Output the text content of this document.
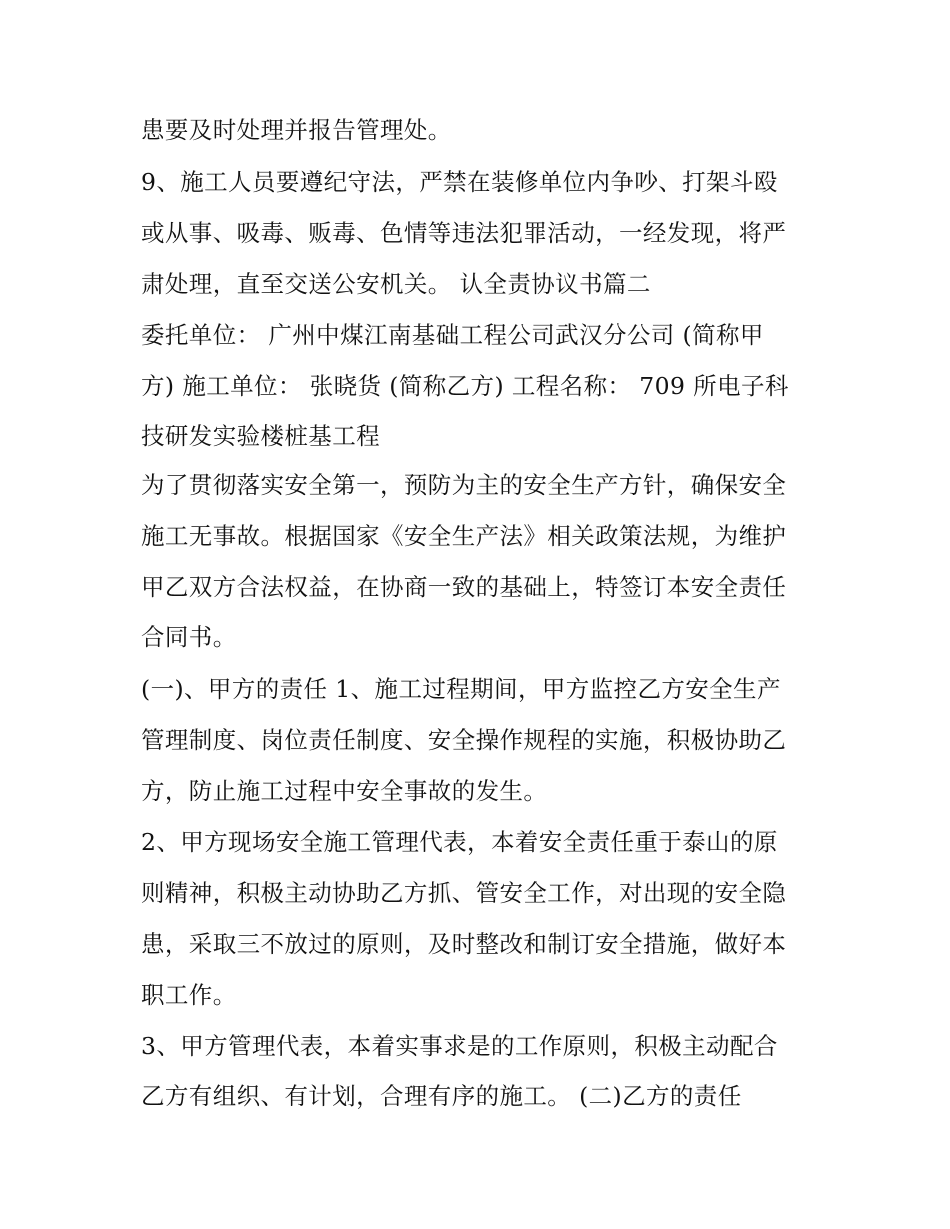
患要及时处理并报告管理处。

9、施工人员要遵纪守法，严禁在装修单位内争吵、打架斗殴

或从事、吸毒、贩毒、色情等违法犯罪活动，一经发现，将严

肃处理，直至交送公安机关。 认全责协议书篇二

委托单位： 广州中煤江南基础工程公司武汉分公司 (简称甲

方) 施工单位： 张晓货 (简称乙方) 工程名称： 709 所电子科

技研发实验楼桩基工程

为了贯彻落实安全第一，预防为主的安全生产方针，确保安全

施工无事故。根据国家《安全生产法》相关政策法规，为维护

甲乙双方合法权益，在协商一致的基础上，特签订本安全责任

合同书。

(一)、甲方的责任 1、施工过程期间，甲方监控乙方安全生产

管理制度、岗位责任制度、安全操作规程的实施，积极协助乙

方，防止施工过程中安全事故的发生。

2、甲方现场安全施工管理代表，本着安全责任重于泰山的原

则精神，积极主动协助乙方抓、管安全工作，对出现的安全隐

患，采取三不放过的原则，及时整改和制订安全措施，做好本

职工作。

3、甲方管理代表，本着实事求是的工作原则，积极主动配合

乙方有组织、有计划，合理有序的施工。 (二)乙方的责任
